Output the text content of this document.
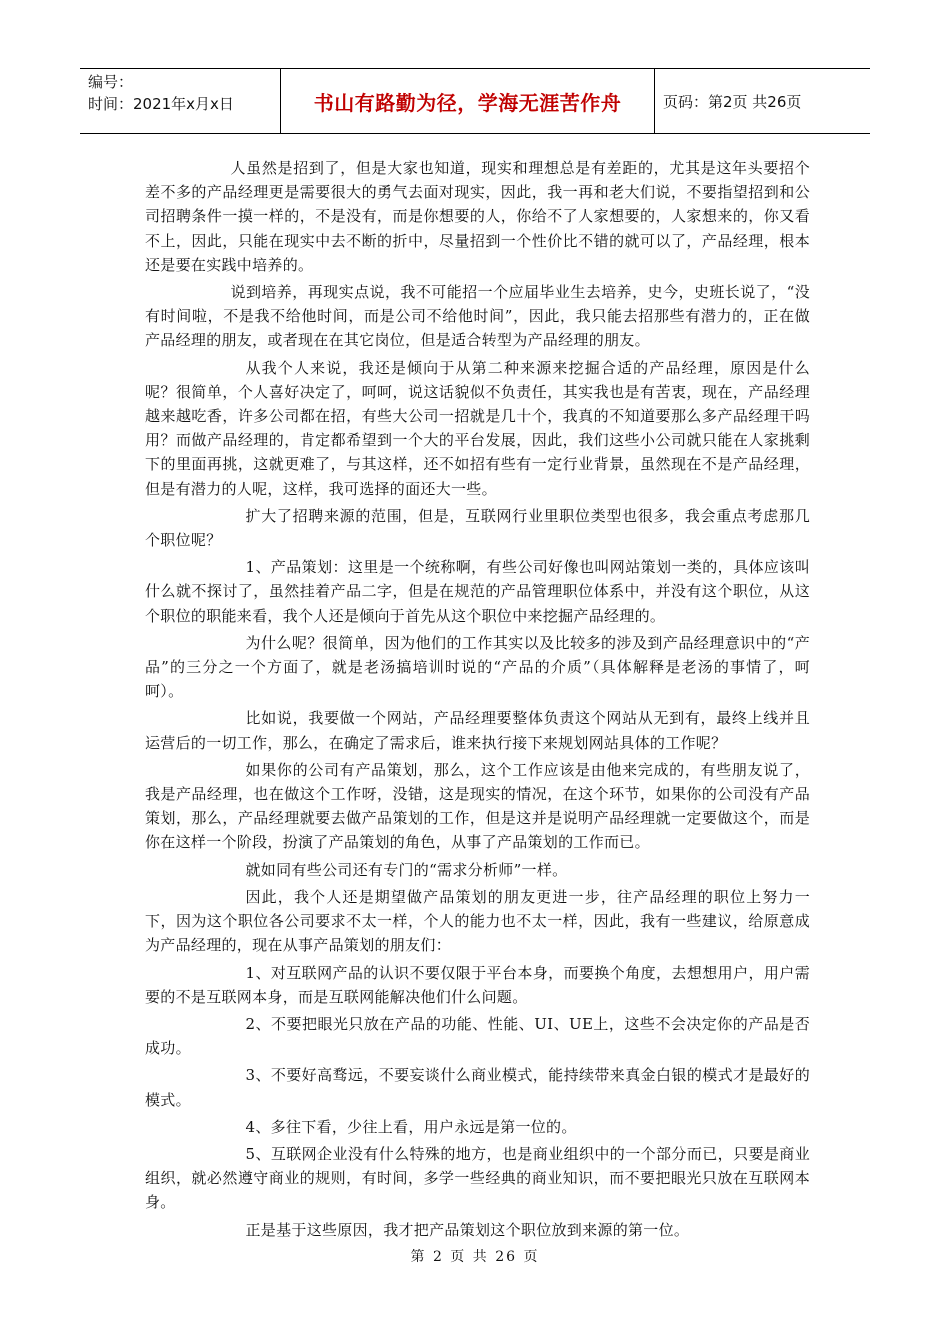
编号：
时间：2021年x月x日	书山有路勤为径，学海无涯苦作舟	页码：第2页 共26页

人虽然是招到了，但是大家也知道，现实和理想总是有差距的，尤其是这年头要招个差不多的产品经理更是需要很大的勇气去面对现实，因此，我一再和老大们说，不要指望招到和公司招聘条件一摸一样的，不是没有，而是你想要的人，你给不了人家想要的，人家想来的，你又看不上，因此，只能在现实中去不断的折中，尽量招到一个性价比不错的就可以了，产品经理，根本还是要在实践中培养的。

说到培养，再现实点说，我不可能招一个应届毕业生去培养，史今，史班长说了，“没有时间啦，不是我不给他时间，而是公司不给他时间”，因此，我只能去招那些有潜力的，正在做产品经理的朋友，或者现在在其它岗位，但是适合转型为产品经理的朋友。

从我个人来说，我还是倾向于从第二种来源来挖掘合适的产品经理，原因是什么呢？很简单，个人喜好决定了，呵呵，说这话貌似不负责任，其实我也是有苦衷，现在，产品经理越来越吃香，许多公司都在招，有些大公司一招就是几十个，我真的不知道要那么多产品经理干吗用？而做产品经理的，肯定都希望到一个大的平台发展，因此，我们这些小公司就只能在人家挑剩下的里面再挑，这就更难了，与其这样，还不如招有些有一定行业背景，虽然现在不是产品经理，但是有潜力的人呢，这样，我可选择的面还大一些。

扩大了招聘来源的范围，但是，互联网行业里职位类型也很多，我会重点考虑那几个职位呢？

1、产品策划：这里是一个统称啊，有些公司好像也叫网站策划一类的，具体应该叫什么就不探讨了，虽然挂着产品二字，但是在规范的产品管理职位体系中，并没有这个职位，从这个职位的职能来看，我个人还是倾向于首先从这个职位中来挖掘产品经理的。

为什么呢？很简单，因为他们的工作其实以及比较多的涉及到产品经理意识中的“产品”的三分之一个方面了，就是老汤搞培训时说的“产品的介质”（具体解释是老汤的事情了，呵呵）。

比如说，我要做一个网站，产品经理要整体负责这个网站从无到有，最终上线并且运营后的一切工作，那么，在确定了需求后，谁来执行接下来规划网站具体的工作呢？

如果你的公司有产品策划，那么，这个工作应该是由他来完成的，有些朋友说了，我是产品经理，也在做这个工作呀，没错，这是现实的情况，在这个环节，如果你的公司没有产品策划，那么，产品经理就要去做产品策划的工作，但是这并是说明产品经理就一定要做这个，而是你在这样一个阶段，扮演了产品策划的角色，从事了产品策划的工作而已。

就如同有些公司还有专门的“需求分析师”一样。

因此，我个人还是期望做产品策划的朋友更进一步，往产品经理的职位上努力一下，因为这个职位各公司要求不太一样，个人的能力也不太一样，因此，我有一些建议，给原意成为产品经理的，现在从事产品策划的朋友们：

1、对互联网产品的认识不要仅限于平台本身，而要换个角度，去想想用户，用户需要的不是互联网本身，而是互联网能解决他们什么问题。

2、不要把眼光只放在产品的功能、性能、UI、UE上，这些不会决定你的产品是否成功。

3、不要好高骛远，不要妄谈什么商业模式，能持续带来真金白银的模式才是最好的模式。

4、多往下看，少往上看，用户永远是第一位的。

5、互联网企业没有什么特殊的地方，也是商业组织中的一个部分而已，只要是商业组织，就必然遵守商业的规则，有时间，多学一些经典的商业知识，而不要把眼光只放在互联网本身。

正是基于这些原因，我才把产品策划这个职位放到来源的第一位。

第 2 页 共 26 页
